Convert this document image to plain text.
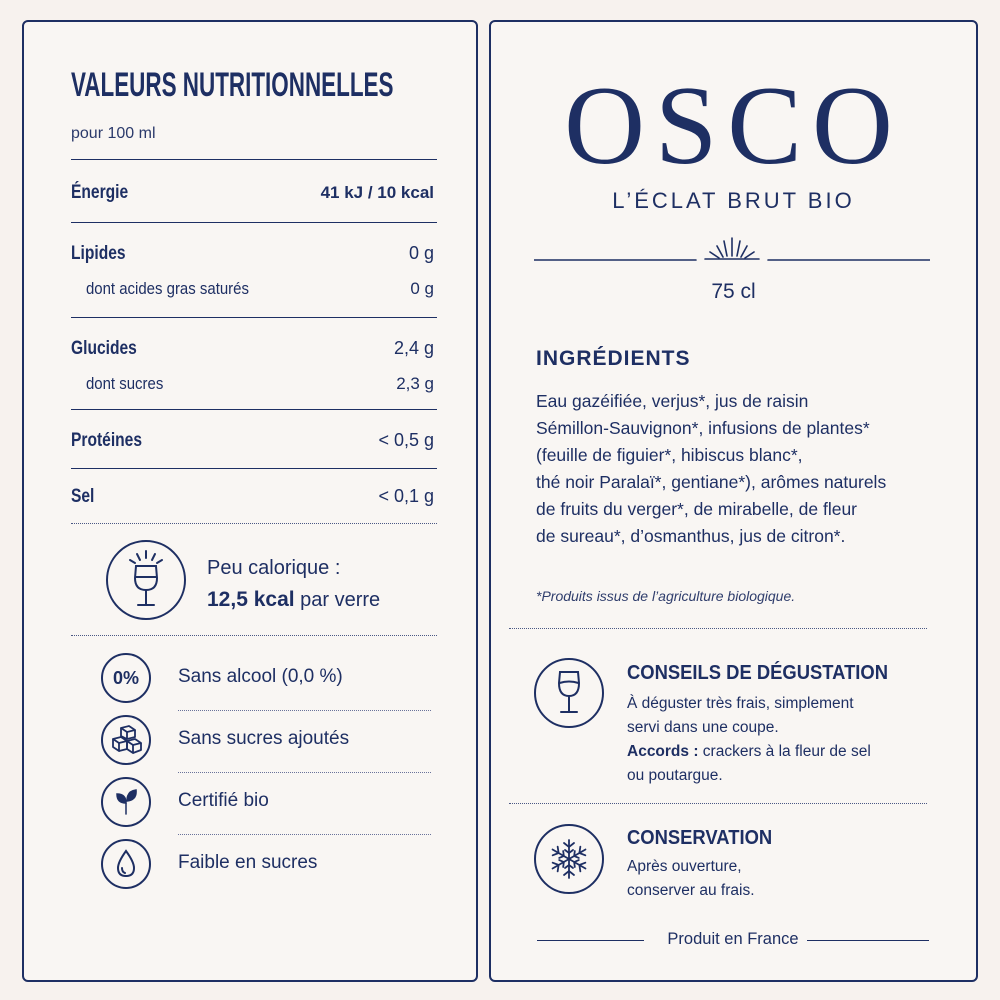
VALEURS NUTRITIONNELLES
pour 100 ml
Énergie	41 kJ / 10 kcal
Lipides	0 g
dont acides gras saturés	0 g
Glucides	2,4 g
dont sucres	2,3 g
Protéines	< 0,5 g
Sel	< 0,1 g
Peu calorique :
12,5 kcal par verre
0% Sans alcool (0,0 %)
Sans sucres ajoutés
Certifié bio
Faible en sucres
OSCO
L’ÉCLAT BRUT BIO
75 cl
INGRÉDIENTS
Eau gazéifiée, verjus*, jus de raisin
Sémillon-Sauvignon*, infusions de plantes*
(feuille de figuier*, hibiscus blanc*,
thé noir Paralaï*, gentiane*), arômes naturels
de fruits du verger*, de mirabelle, de fleur
de sureau*, d’osmanthus, jus de citron*.
*Produits issus de l’agriculture biologique.
CONSEILS DE DÉGUSTATION
À déguster très frais, simplement
servi dans une coupe.
Accords : crackers à la fleur de sel
ou poutargue.
CONSERVATION
Après ouverture,
conserver au frais.
Produit en France
